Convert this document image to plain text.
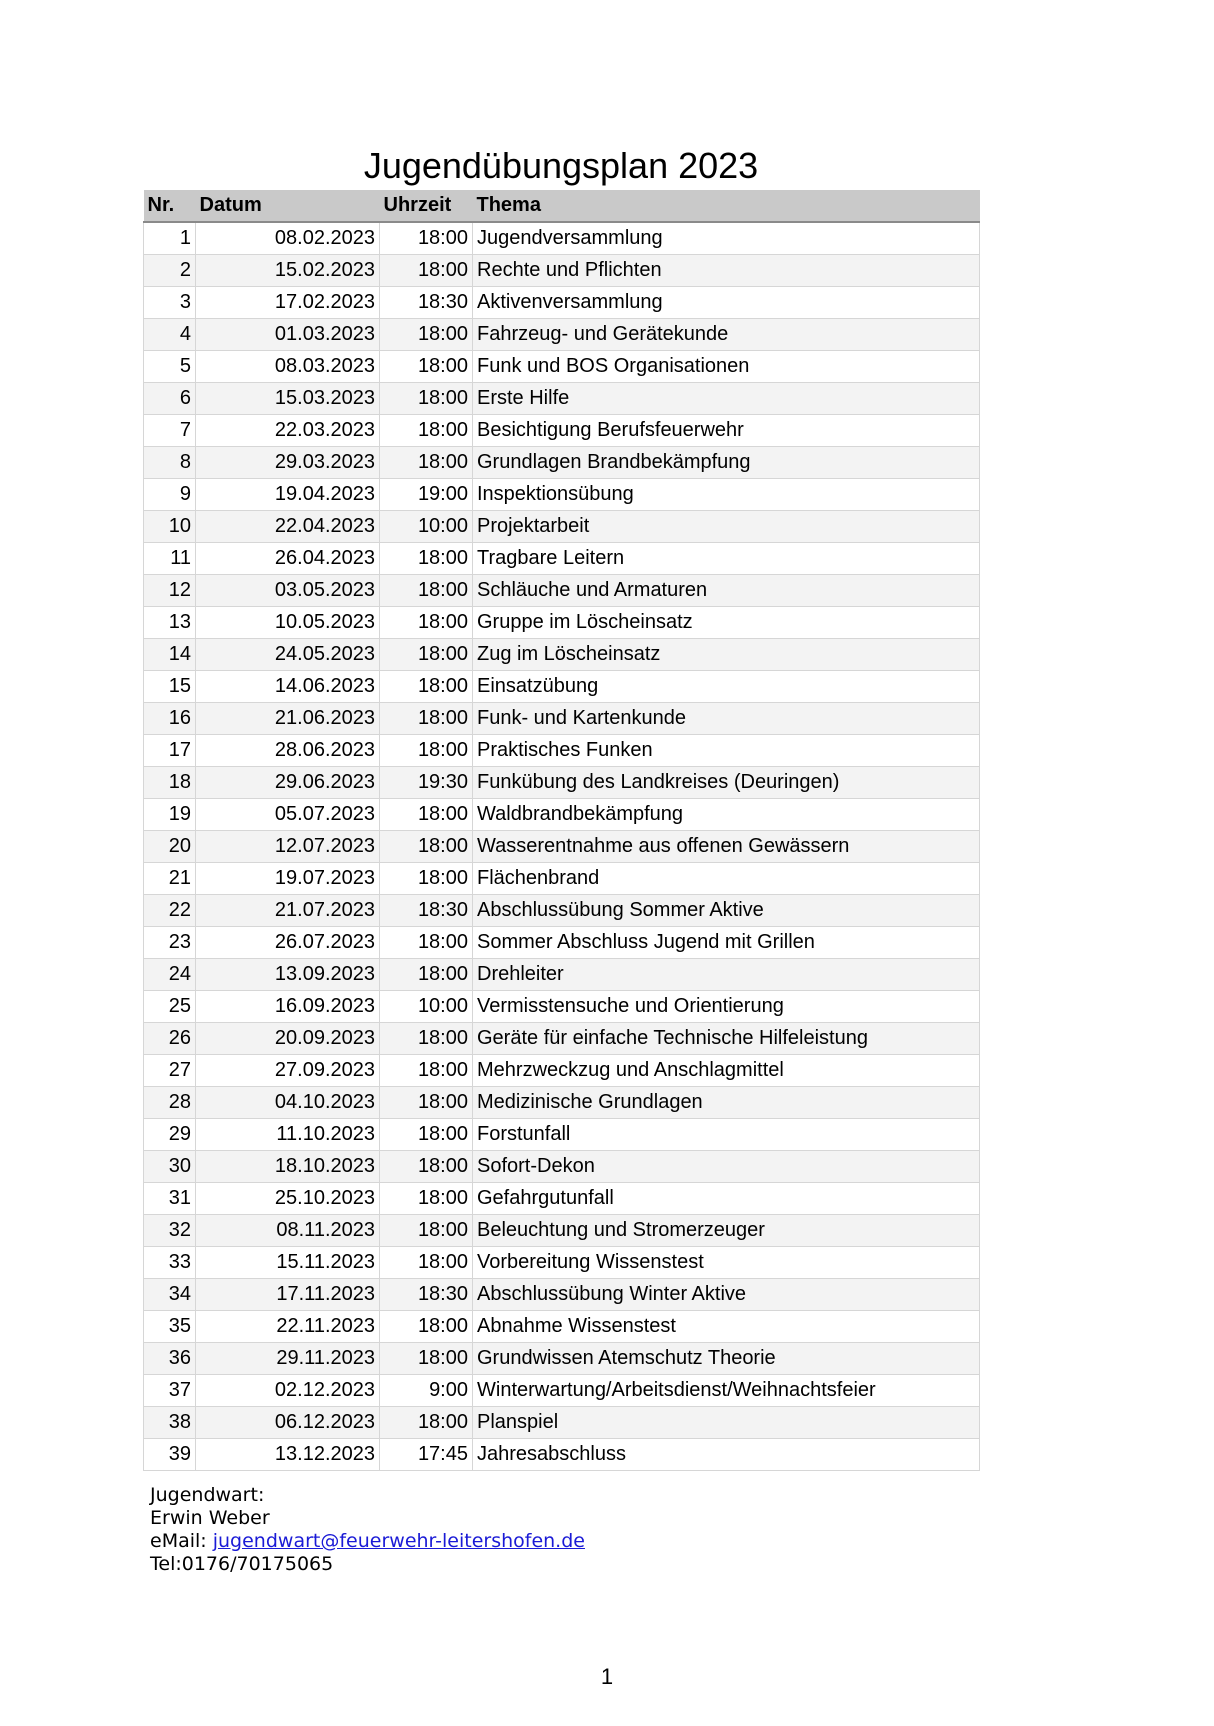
Jugendübungsplan 2023
Nr.	Datum	Uhrzeit	Thema
1	08.02.2023	18:00	Jugendversammlung
2	15.02.2023	18:00	Rechte und Pflichten
3	17.02.2023	18:30	Aktivenversammlung
4	01.03.2023	18:00	Fahrzeug- und Gerätekunde
5	08.03.2023	18:00	Funk und BOS Organisationen
6	15.03.2023	18:00	Erste Hilfe
7	22.03.2023	18:00	Besichtigung Berufsfeuerwehr
8	29.03.2023	18:00	Grundlagen Brandbekämpfung
9	19.04.2023	19:00	Inspektionsübung
10	22.04.2023	10:00	Projektarbeit
11	26.04.2023	18:00	Tragbare Leitern
12	03.05.2023	18:00	Schläuche und Armaturen
13	10.05.2023	18:00	Gruppe im Löscheinsatz
14	24.05.2023	18:00	Zug im Löscheinsatz
15	14.06.2023	18:00	Einsatzübung
16	21.06.2023	18:00	Funk- und Kartenkunde
17	28.06.2023	18:00	Praktisches Funken
18	29.06.2023	19:30	Funkübung des Landkreises (Deuringen)
19	05.07.2023	18:00	Waldbrandbekämpfung
20	12.07.2023	18:00	Wasserentnahme aus offenen Gewässern
21	19.07.2023	18:00	Flächenbrand
22	21.07.2023	18:30	Abschlussübung Sommer Aktive
23	26.07.2023	18:00	Sommer Abschluss Jugend mit Grillen
24	13.09.2023	18:00	Drehleiter
25	16.09.2023	10:00	Vermisstensuche und Orientierung
26	20.09.2023	18:00	Geräte für einfache Technische Hilfeleistung
27	27.09.2023	18:00	Mehrzweckzug und Anschlagmittel
28	04.10.2023	18:00	Medizinische Grundlagen
29	11.10.2023	18:00	Forstunfall
30	18.10.2023	18:00	Sofort-Dekon
31	25.10.2023	18:00	Gefahrgutunfall
32	08.11.2023	18:00	Beleuchtung und Stromerzeuger
33	15.11.2023	18:00	Vorbereitung Wissenstest
34	17.11.2023	18:30	Abschlussübung Winter Aktive
35	22.11.2023	18:00	Abnahme Wissenstest
36	29.11.2023	18:00	Grundwissen Atemschutz Theorie
37	02.12.2023	9:00	Winterwartung/Arbeitsdienst/Weihnachtsfeier
38	06.12.2023	18:00	Planspiel
39	13.12.2023	17:45	Jahresabschluss
Jugendwart:
Erwin Weber
eMail: jugendwart@feuerwehr-leitershofen.de
Tel:0176/70175065
1
